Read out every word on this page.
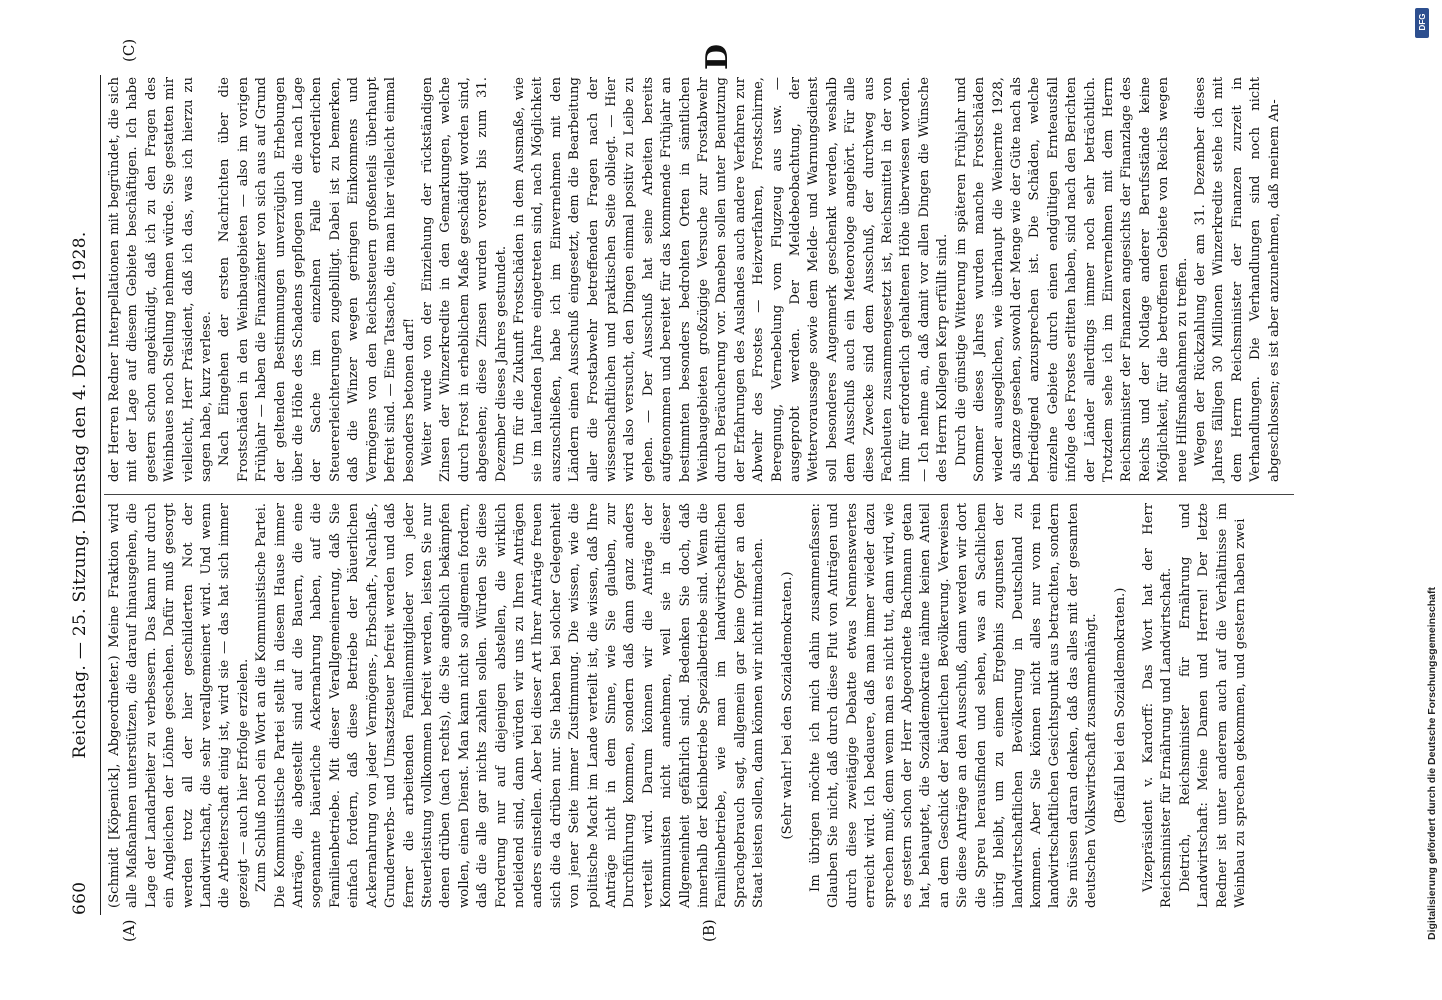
660
Reichstag. — 25. Sitzung. Dienstag den 4. Dezember 1928.
(A)	(B)
(C)	D

(Schmidt [Köpenick], Abgeordneter.) Meine Fraktion wird alle Maßnahmen unterstützen, die darauf hinausgehen, die Lage der Landarbeiter zu verbessern. Das kann nur durch ein Angleichen der Löhne geschehen. Dafür muß gesorgt werden trotz all der hier geschilderten Not der Landwirtschaft, die sehr verallgemeinert wird. Und wenn die Arbeiterschaft einig ist, wird sie — das hat sich immer gezeigt — auch hier Erfolge erzielen. Zum Schluß noch ein Wort an die Kommunistische Partei. Die Kommunistische Partei stellt in diesem Hause immer Anträge, die abgestellt sind auf die Bauern, die eine sogenannte bäuerliche Ackernahrung haben, auf die Familienbetriebe. Mit dieser Verallgemeinerung, daß Sie einfach fordern, daß diese Betriebe der bäuerlichen Ackernahrung von jeder Vermögens-, Erbschaft-, Nachlaß-, Grunderwerbs- und Umsatzsteuer befreit werden und daß ferner die arbeitenden Familienmitglieder von jeder Steuerleistung vollkommen befreit werden, leisten Sie nur denen drüben (nach rechts), die Sie angeblich bekämpfen wollen, einen Dienst. Man kann nicht so allgemein fordern, daß die alle gar nichts zahlen sollen. Würden Sie diese Forderung nur auf diejenigen abstellen, die wirklich notleidend sind, dann würden wir uns zu Ihren Anträgen anders einstellen. Aber bei dieser Art Ihrer Anträge freuen sich die da drüben nur. Sie haben bei solcher Gelegenheit von jener Seite immer Zustimmung. Die wissen, wie die politische Macht im Lande verteilt ist, die wissen, daß Ihre Anträge nicht in dem Sinne, wie Sie glauben, zur Durchführung kommen, sondern daß dann ganz anders verteilt wird. Darum können wir die Anträge der Kommunisten nicht annehmen, weil sie in dieser Allgemeinheit gefährlich sind. Bedenken Sie doch, daß innerhalb der Kleinbetriebe Spezialbetriebe sind. Wenn die Familienbetriebe, wie man im landwirtschaftlichen Sprachgebrauch sagt, allgemein gar keine Opfer an den Staat leisten sollen, dann können wir nicht mitmachen. (Sehr wahr! bei den Sozialdemokraten.) Im übrigen möchte ich mich dahin zusammenfassen: Glauben Sie nicht, daß durch diese Flut von Anträgen und durch diese zweitägige Debatte etwas Nennenswertes erreicht wird. Ich bedauere, daß man immer wieder dazu sprechen muß; denn wenn man es nicht tut, dann wird, wie es gestern schon der Herr Abgeordnete Bachmann getan hat, behauptet, die Sozialdemokratie nähme keinen Anteil an dem Geschick der bäuerlichen Bevölkerung. Verweisen Sie diese Anträge an den Ausschuß, dann werden wir dort die Spreu herausfinden und sehen, was an Sachlichem übrig bleibt, um zu einem Ergebnis zugunsten der landwirtschaftlichen Bevölkerung in Deutschland zu kommen. Aber Sie können nicht alles nur vom rein landwirtschaftlichen Gesichtspunkt aus betrachten, sondern Sie müssen daran denken, daß das alles mit der gesamten deutschen Volkswirtschaft zusammenhängt. (Beifall bei den Sozialdemokraten.) Vizepräsident v. Kardorff: Das Wort hat der Herr Reichsminister für Ernährung und Landwirtschaft. Dietrich, Reichsminister für Ernährung und Landwirtschaft: Meine Damen und Herren! Der letzte Redner ist unter anderem auch auf die Verhältnisse im Weinbau zu sprechen gekommen, und gestern haben zwei

der Herren Redner Interpellationen mit begründet, die sich mit der Lage auf diesem Gebiete beschäftigen. Ich habe gestern schon angekündigt, daß ich zu den Fragen des Weinbaues noch Stellung nehmen würde. Sie gestatten mir vielleicht, Herr Präsident, daß ich das, was ich hierzu zu sagen habe, kurz verlese. Nach Eingehen der ersten Nachrichten über die Frostschäden in den Weinbaugebieten — also im vorigen Frühjahr — haben die Finanzämter von sich aus auf Grund der geltenden Bestimmungen unverzüglich Erhebungen über die Höhe des Schadens gepflogen und die nach Lage der Sache im einzelnen Falle erforderlichen Steuererleichterungen zugebilligt. Dabei ist zu bemerken, daß die Winzer wegen geringen Einkommens und Vermögens von den Reichssteuern großenteils überhaupt befreit sind. — Eine Tatsache, die man hier vielleicht einmal besonders betonen darf! Weiter wurde von der Einziehung der rückständigen Zinsen der Winzerkredite in den Gemarkungen, welche durch Frost in erheblichem Maße geschädigt worden sind, abgesehen; diese Zinsen wurden vorerst bis zum 31. Dezember dieses Jahres gestundet. Um für die Zukunft Frostschäden in dem Ausmaße, wie sie im laufenden Jahre eingetreten sind, nach Möglichkeit auszuschließen, habe ich im Einvernehmen mit den Ländern einen Ausschuß eingesetzt, dem die Bearbeitung aller die Frostabwehr betreffenden Fragen nach der wissenschaftlichen und praktischen Seite obliegt. — Hier wird also versucht, den Dingen einmal positiv zu Leibe zu gehen. — Der Ausschuß hat seine Arbeiten bereits aufgenommen und bereitet für das kommende Frühjahr an bestimmten besonders bedrohten Orten in sämtlichen Weinbaugebieten großzügige Versuche zur Frostabwehr durch Beräucherung vor. Daneben sollen unter Benutzung der Erfahrungen des Auslandes auch andere Verfahren zur Abwehr des Frostes — Heizverfahren, Frostschirme, Beregnung, Vernebelung vom Flugzeug aus usw. — ausgeprobt werden. Der Meldebeobachtung, der Wettervoraussage sowie dem Melde- und Warnungsdienst soll besonderes Augenmerk geschenkt werden, weshalb dem Ausschuß auch ein Meteorologe angehört. Für alle diese Zwecke sind dem Ausschuß, der durchweg aus Fachleuten zusammengesetzt ist, Reichsmittel in der von ihm für erforderlich gehaltenen Höhe überwiesen worden. — Ich nehme an, daß damit vor allen Dingen die Wünsche des Herrn Kollegen Kerp erfüllt sind. Durch die günstige Witterung im späteren Frühjahr und Sommer dieses Jahres wurden manche Frostschäden wieder ausgeglichen, wie überhaupt die Weinernte 1928, als ganze gesehen, sowohl der Menge wie der Güte nach als befriedigend anzusprechen ist. Die Schäden, welche einzelne Gebiete durch einen endgültigen Ernteausfall infolge des Frostes erlitten haben, sind nach den Berichten der Länder allerdings immer noch sehr beträchtlich. Trotzdem sehe ich im Einvernehmen mit dem Herrn Reichsminister der Finanzen angesichts der Finanzlage des Reichs und der Notlage anderer Berufsstände keine Möglichkeit, für die betroffenen Gebiete von Reichs wegen neue Hilfsmaßnahmen zu treffen. Wegen der Rückzahlung der am 31. Dezember dieses Jahres fälligen 30 Millionen Winzerkredite stehe ich mit dem Herrn Reichsminister der Finanzen zurzeit in Verhandlungen. Die Verhandlungen sind noch nicht abgeschlossen; es ist aber anzunehmen, daß meinem An-

DFG
Digitalisierung gefördert durch die Deutsche Forschungsgemeinschaft
